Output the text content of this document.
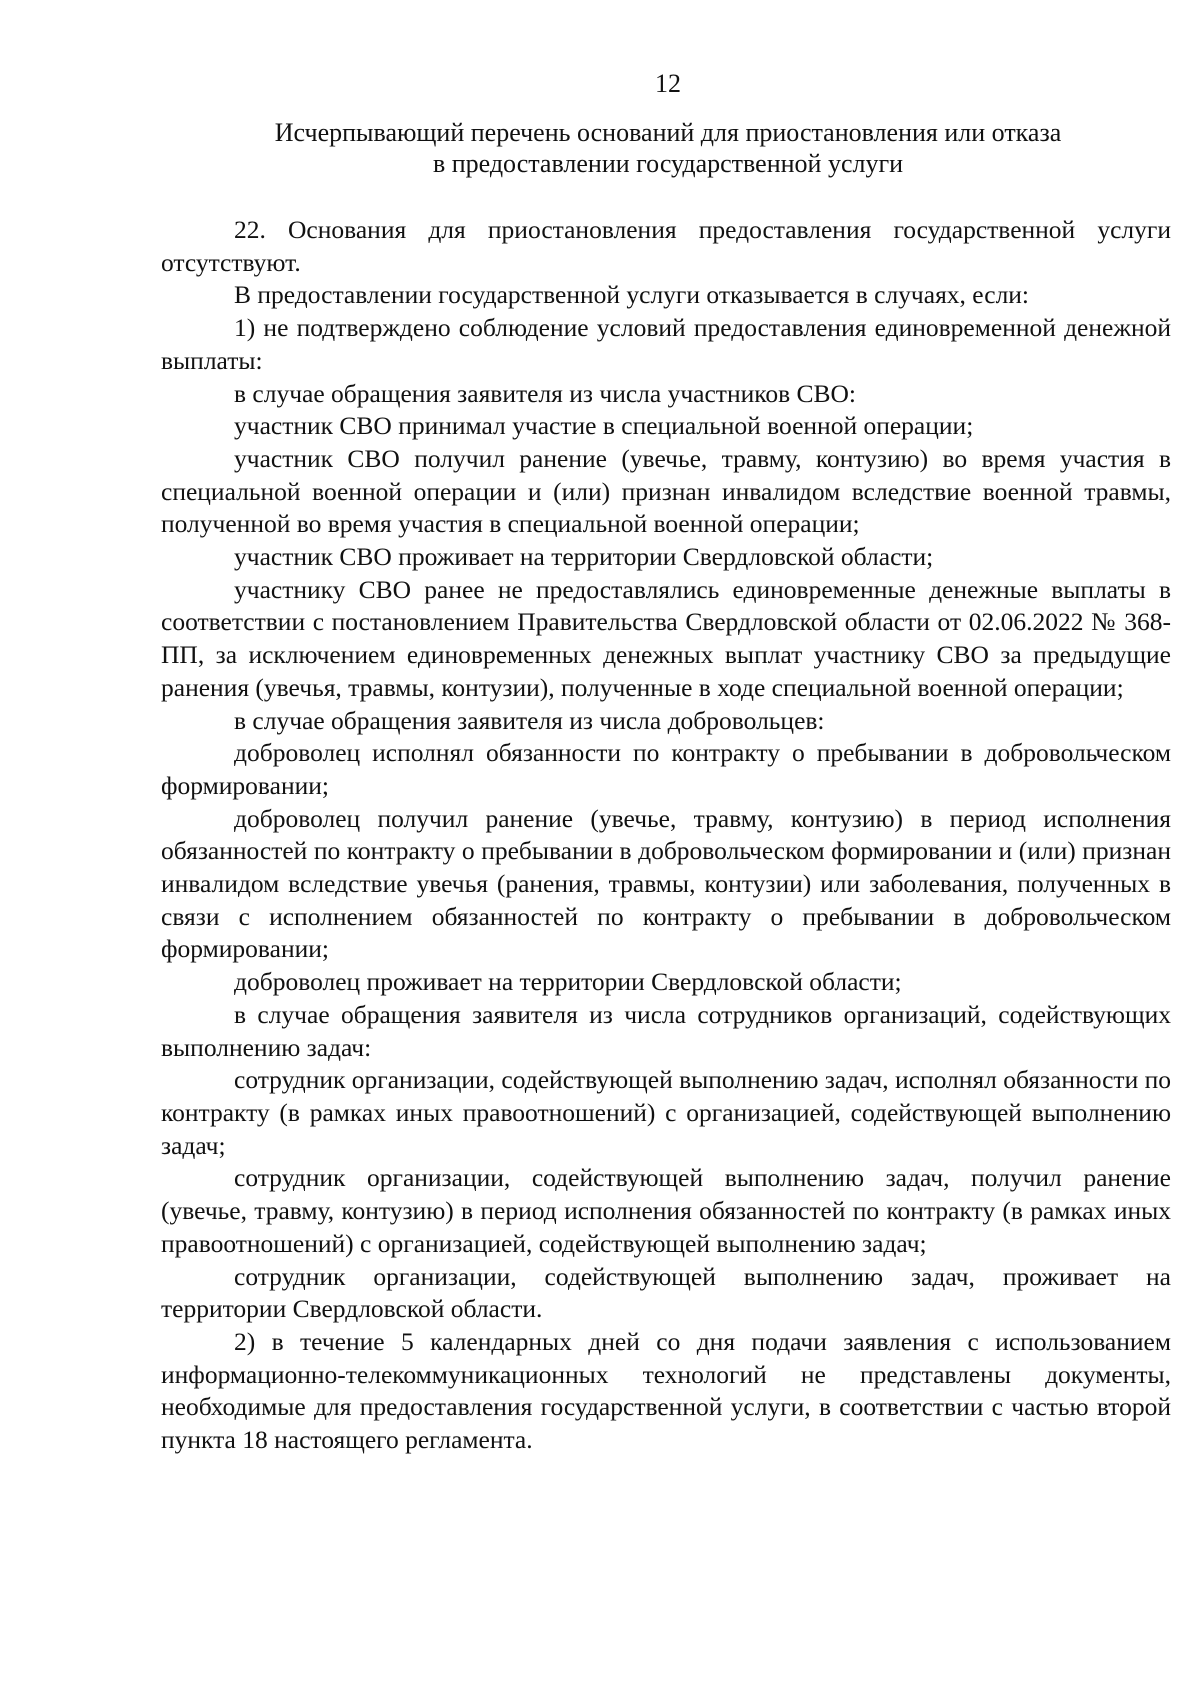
12
Исчерпывающий перечень оснований для приостановления или отказа
в предоставлении государственной услуги

22. Основания для приостановления предоставления государственной услуги отсутствуют.

В предоставлении государственной услуги отказывается в случаях, если:

1) не подтверждено соблюдение условий предоставления единовременной денежной выплаты:

в случае обращения заявителя из числа участников СВО:

участник СВО принимал участие в специальной военной операции;

участник СВО получил ранение (увечье, травму, контузию) во время участия в специальной военной операции и (или) признан инвалидом вследствие военной травмы, полученной во время участия в специальной военной операции;

участник СВО проживает на территории Свердловской области;

участнику СВО ранее не предоставлялись единовременные денежные выплаты в соответствии с постановлением Правительства Свердловской области от 02.06.2022 № 368-ПП, за исключением единовременных денежных выплат участнику СВО за предыдущие ранения (увечья, травмы, контузии), полученные в ходе специальной военной операции;

в случае обращения заявителя из числа добровольцев:

доброволец исполнял обязанности по контракту о пребывании в добровольческом формировании;

доброволец получил ранение (увечье, травму, контузию) в период исполнения обязанностей по контракту о пребывании в добровольческом формировании и (или) признан инвалидом вследствие увечья (ранения, травмы, контузии) или заболевания, полученных в связи с исполнением обязанностей по контракту о пребывании в добровольческом формировании;

доброволец проживает на территории Свердловской области;

в случае обращения заявителя из числа сотрудников организаций, содействующих выполнению задач:

сотрудник организации, содействующей выполнению задач, исполнял обязанности по контракту (в рамках иных правоотношений) с организацией, содействующей выполнению задач;

сотрудник организации, содействующей выполнению задач, получил ранение (увечье, травму, контузию) в период исполнения обязанностей по контракту (в рамках иных правоотношений) с организацией, содействующей выполнению задач;

сотрудник организации, содействующей выполнению задач, проживает на территории Свердловской области.

2) в течение 5 календарных дней со дня подачи заявления с использованием информационно-телекоммуникационных технологий не представлены документы, необходимые для предоставления государственной услуги, в соответствии с частью второй пункта 18 настоящего регламента.
